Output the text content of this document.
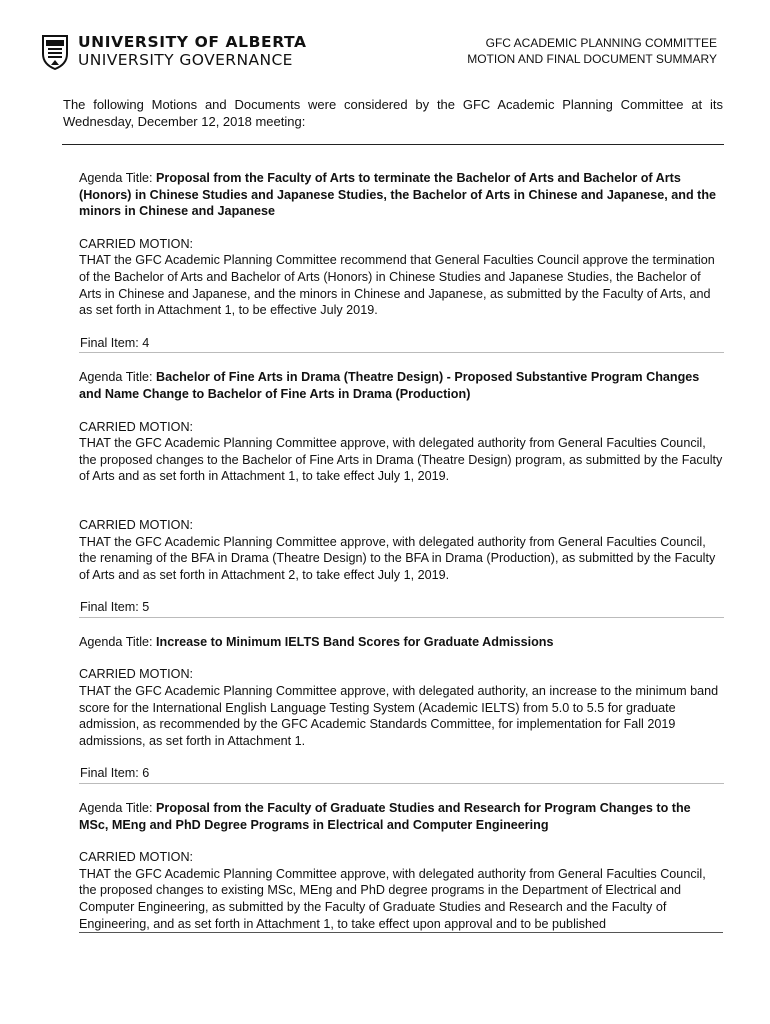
UNIVERSITY OF ALBERTA
UNIVERSITY GOVERNANCE
GFC ACADEMIC PLANNING COMMITTEE
MOTION AND FINAL DOCUMENT SUMMARY
The following Motions and Documents were considered by the GFC Academic Planning Committee at its Wednesday, December 12, 2018 meeting:

Agenda Title: Proposal from the Faculty of Arts to terminate the Bachelor of Arts and Bachelor of Arts (Honors) in Chinese Studies and Japanese Studies, the Bachelor of Arts in Chinese and Japanese, and the minors in Chinese and Japanese

CARRIED MOTION:

THAT the GFC Academic Planning Committee recommend that General Faculties Council approve the termination of the Bachelor of Arts and Bachelor of Arts (Honors) in Chinese Studies and Japanese Studies, the Bachelor of Arts in Chinese and Japanese, and the minors in Chinese and Japanese, as submitted by the Faculty of Arts, and as set forth in Attachment 1, to be effective July 2019.

Final Item: 4

Agenda Title: Bachelor of Fine Arts in Drama (Theatre Design) - Proposed Substantive Program Changes and Name Change to Bachelor of Fine Arts in Drama (Production)

CARRIED MOTION:

THAT the GFC Academic Planning Committee approve, with delegated authority from General Faculties Council, the proposed changes to the Bachelor of Fine Arts in Drama (Theatre Design) program, as submitted by the Faculty of Arts and as set forth in Attachment 1, to take effect July 1, 2019.

CARRIED MOTION:

THAT the GFC Academic Planning Committee approve, with delegated authority from General Faculties Council, the renaming of the BFA in Drama (Theatre Design) to the BFA in Drama (Production), as submitted by the Faculty of Arts and as set forth in Attachment 2, to take effect July 1, 2019.

Final Item: 5

Agenda Title: Increase to Minimum IELTS Band Scores for Graduate Admissions

CARRIED MOTION:

THAT the GFC Academic Planning Committee approve, with delegated authority, an increase to the minimum band score for the International English Language Testing System (Academic IELTS) from 5.0 to 5.5 for graduate admission, as recommended by the GFC Academic Standards Committee, for implementation for Fall 2019 admissions, as set forth in Attachment 1.

Final Item: 6

Agenda Title: Proposal from the Faculty of Graduate Studies and Research for Program Changes to the MSc, MEng and PhD Degree Programs in Electrical and Computer Engineering

CARRIED MOTION:

THAT the GFC Academic Planning Committee approve, with delegated authority from General Faculties Council, the proposed changes to existing MSc, MEng and PhD degree programs in the Department of Electrical and Computer Engineering, as submitted by the Faculty of Graduate Studies and Research and the Faculty of Engineering, and as set forth in Attachment 1, to take effect upon approval and to be published
